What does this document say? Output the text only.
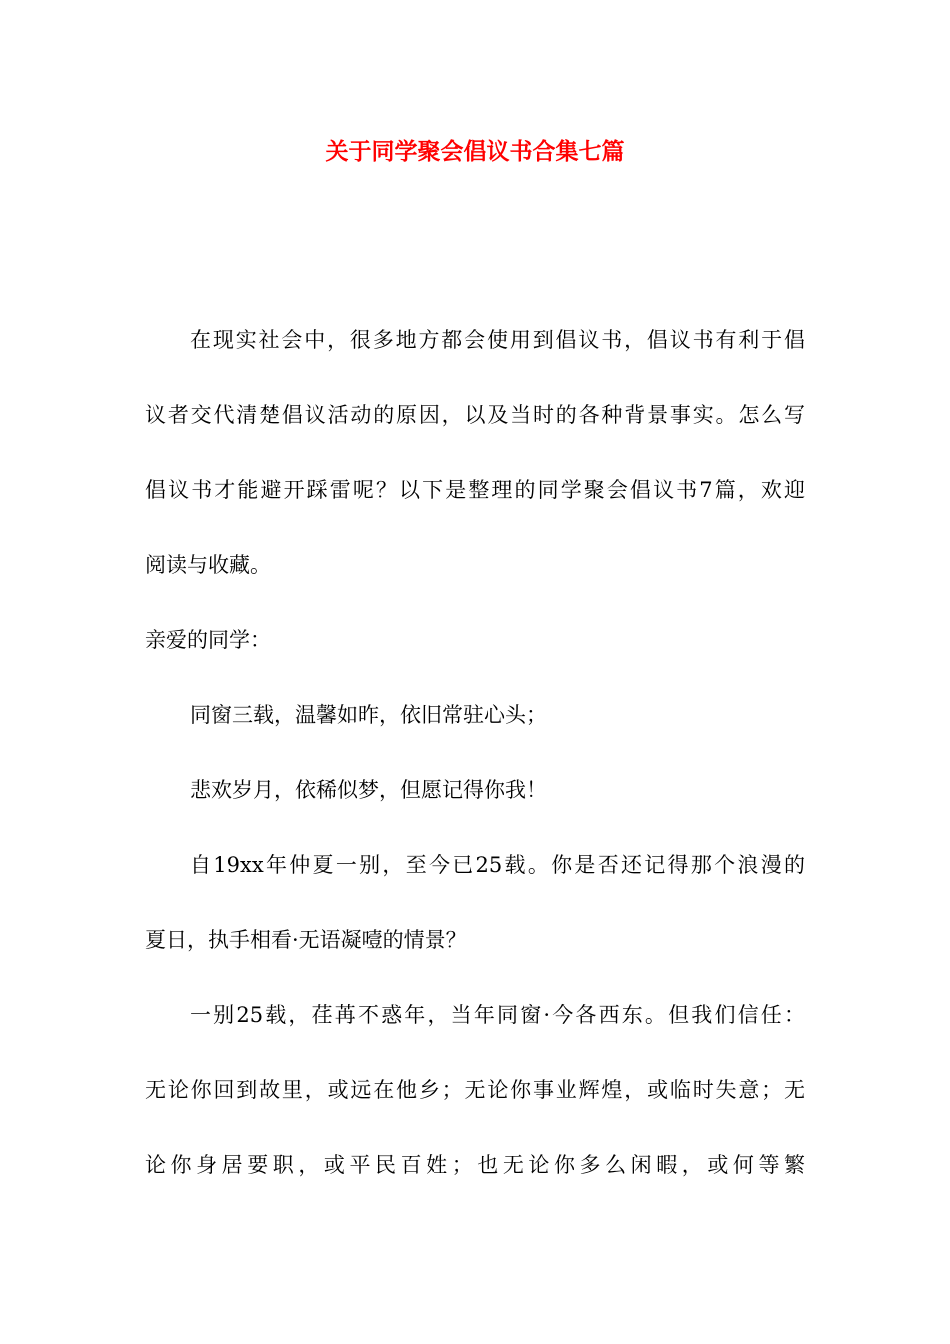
关于同学聚会倡议书合集七篇

在现实社会中，很多地方都会使用到倡议书，倡议书有利于倡

议者交代清楚倡议活动的原因，以及当时的各种背景事实。怎么写

倡议书才能避开踩雷呢？以下是整理的同学聚会倡议书7篇，欢迎

阅读与收藏。

亲爱的同学：

同窗三载，温馨如昨，依旧常驻心头；

悲欢岁月，依稀似梦，但愿记得你我！

自19xx年仲夏一别，至今已25载。你是否还记得那个浪漫的

夏日，执手相看·无语凝噎的情景？

一别25载，荏苒不惑年，当年同窗·今各西东。但我们信任：

无论你回到故里，或远在他乡；无论你事业辉煌，或临时失意；无

论你身居要职，或平民百姓；也无论你多么闲暇，或何等繁
